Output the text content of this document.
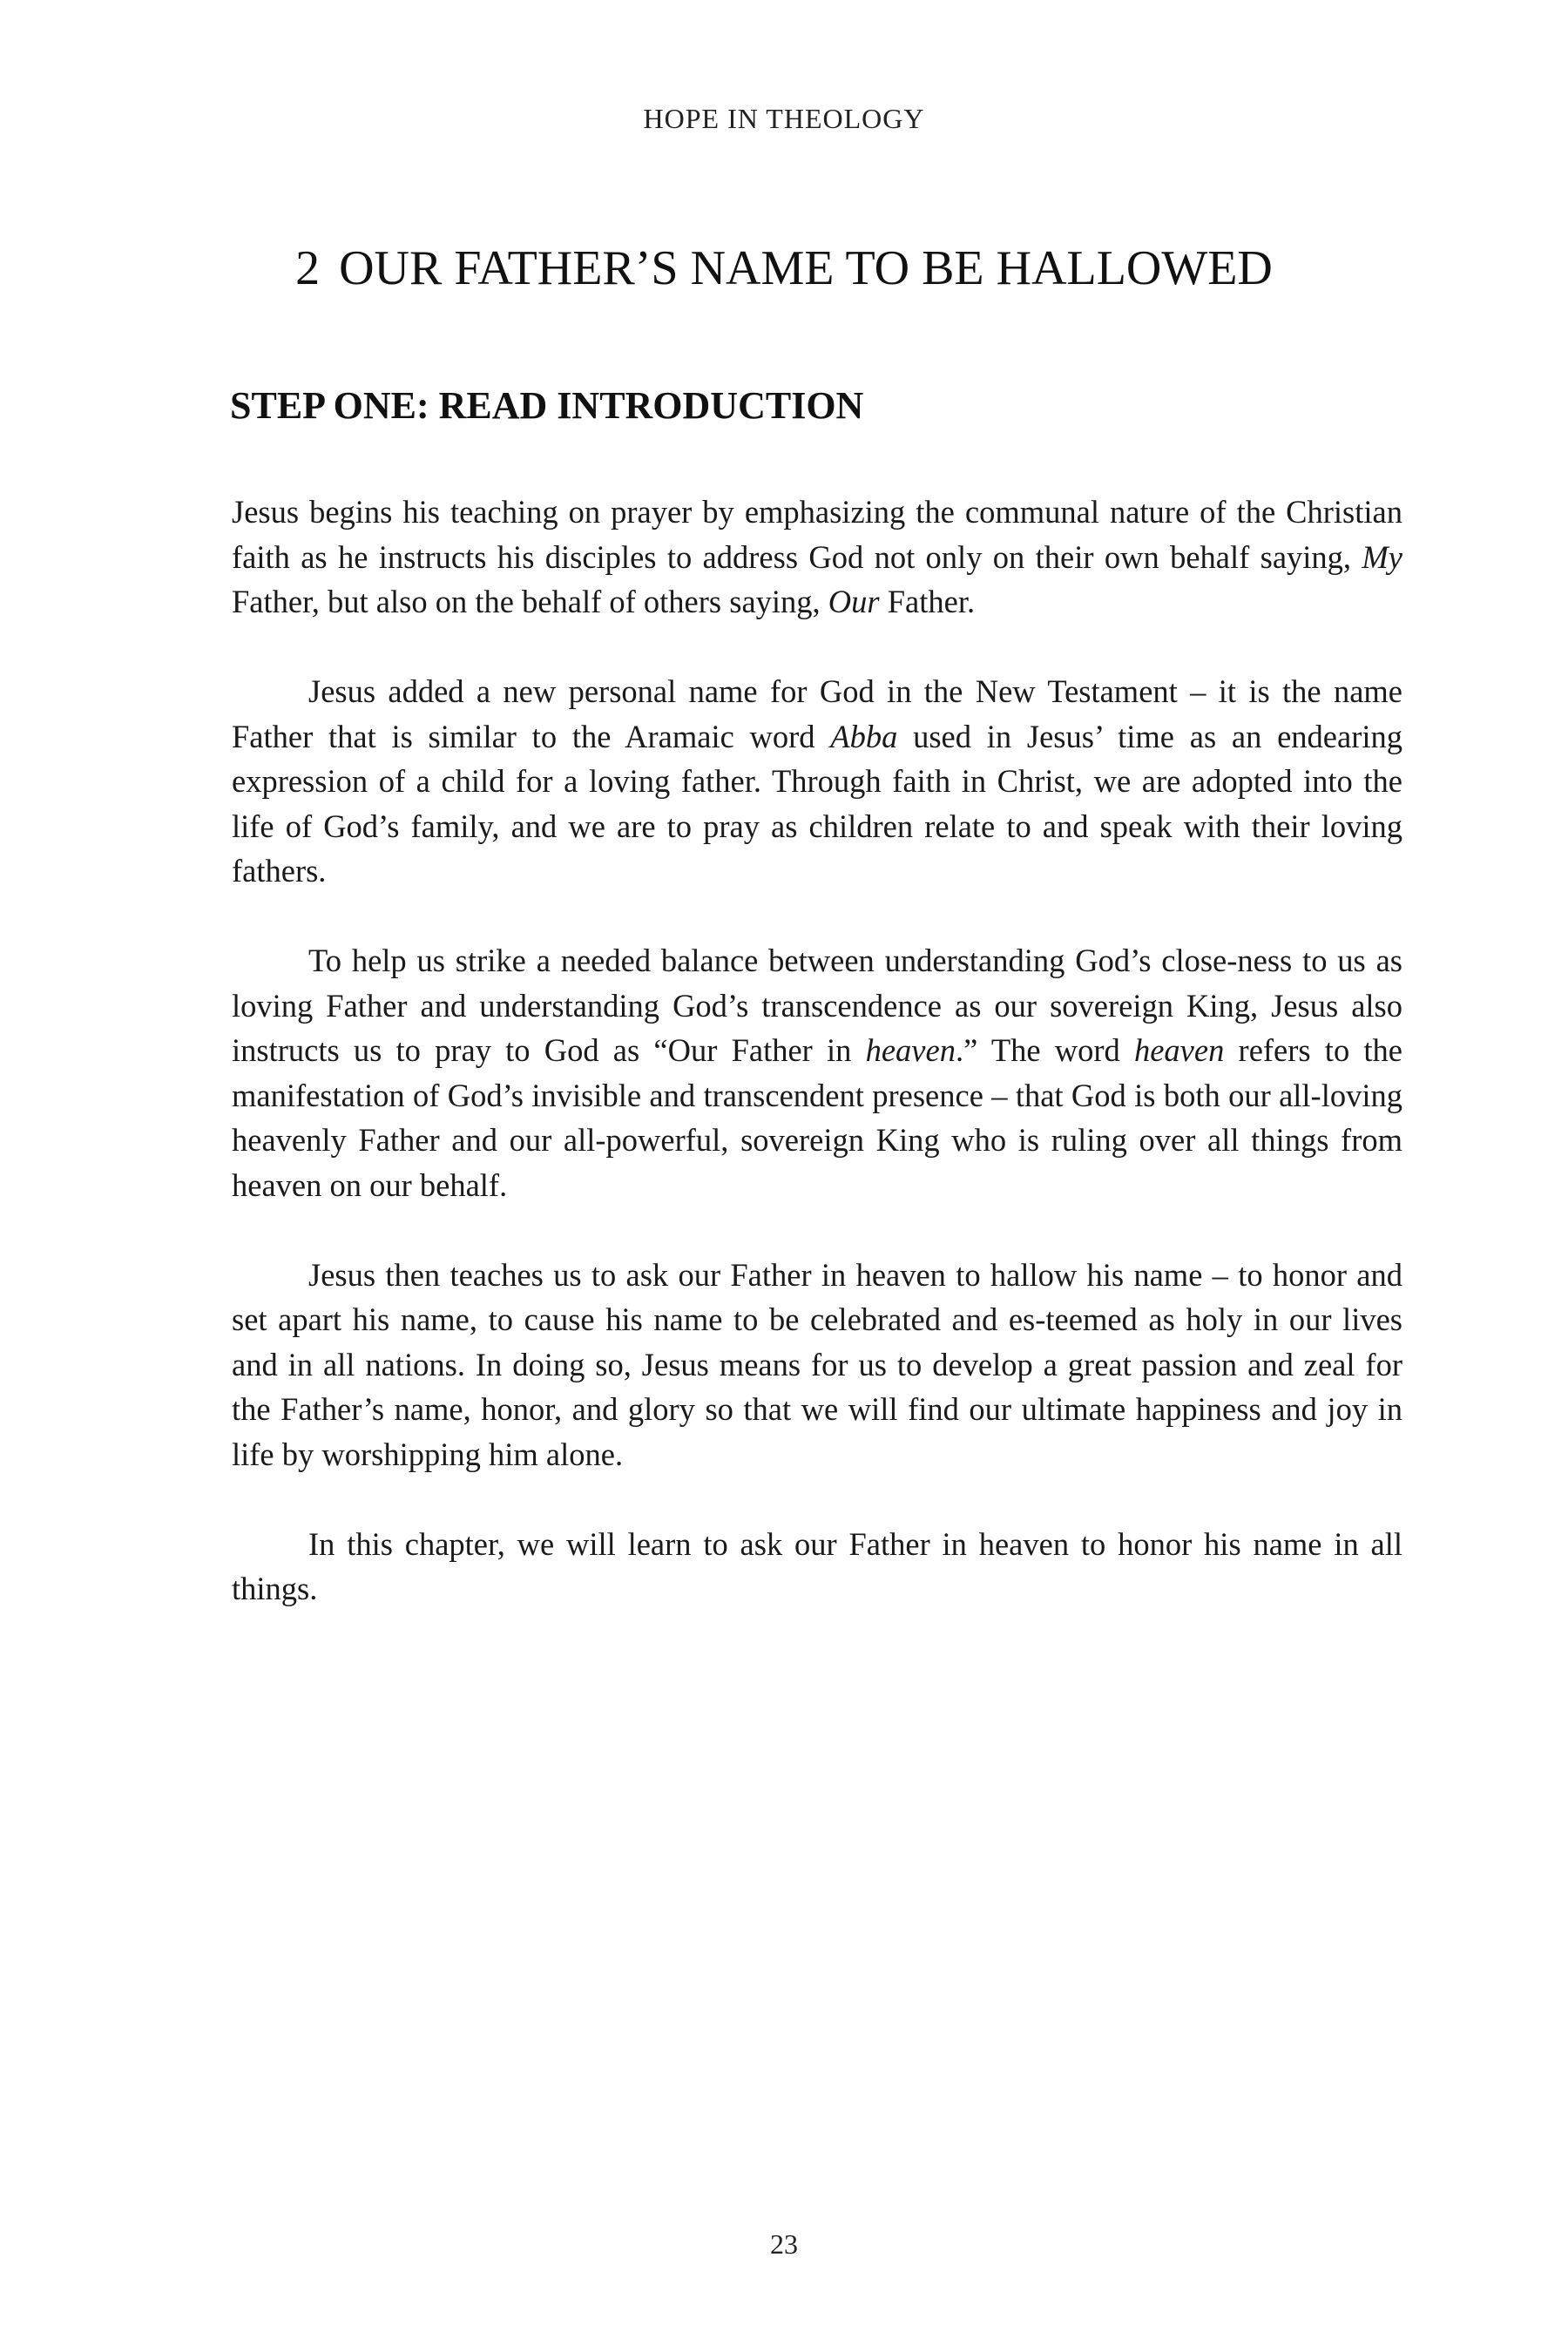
HOPE IN THEOLOGY
2 OUR FATHER’S NAME TO BE HALLOWED
STEP ONE: READ INTRODUCTION

Jesus begins his teaching on prayer by emphasizing the communal nature of the Christian faith as he instructs his disciples to address God not only on their own behalf saying, My Father, but also on the behalf of others saying, Our Father.

Jesus added a new personal name for God in the New Testament – it is the name Father that is similar to the Aramaic word Abba used in Jesus’ time as an endearing expression of a child for a loving father. Through faith in Christ, we are adopted into the life of God’s family, and we are to pray as children relate to and speak with their loving fathers.

To help us strike a needed balance between understanding God’s close-ness to us as loving Father and understanding God’s transcendence as our sovereign King, Jesus also instructs us to pray to God as “Our Father in heaven.” The word heaven refers to the manifestation of God’s invisible and transcendent presence – that God is both our all-loving heavenly Father and our all-powerful, sovereign King who is ruling over all things from heaven on our behalf.

Jesus then teaches us to ask our Father in heaven to hallow his name – to honor and set apart his name, to cause his name to be celebrated and es-teemed as holy in our lives and in all nations. In doing so, Jesus means for us to develop a great passion and zeal for the Father’s name, honor, and glory so that we will find our ultimate happiness and joy in life by worshipping him alone.

In this chapter, we will learn to ask our Father in heaven to honor his name in all things.

23
